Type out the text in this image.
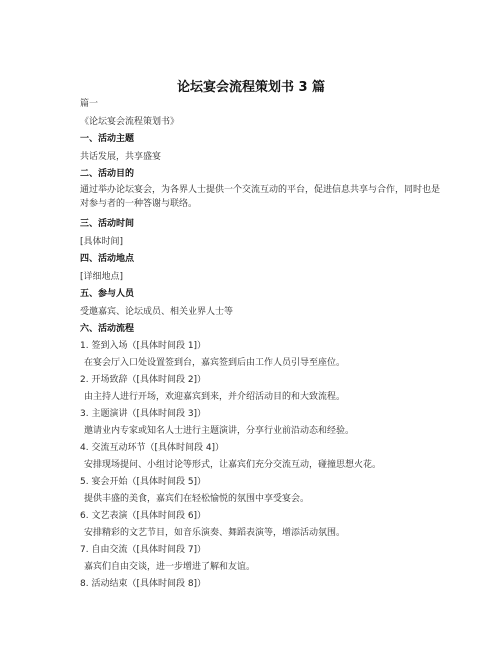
论坛宴会流程策划书 3 篇
篇一
《论坛宴会流程策划书》
一、活动主题
共话发展，共享盛宴
二、活动目的
通过举办论坛宴会，为各界人士提供一个交流互动的平台，促进信息共享与合作，同时也是对参与者的一种答谢与联络。
三、活动时间
[具体时间]
四、活动地点
[详细地点]
五、参与人员
受邀嘉宾、论坛成员、相关业界人士等
六、活动流程
1. 签到入场（[具体时间段 1]）
在宴会厅入口处设置签到台，嘉宾签到后由工作人员引导至座位。
2. 开场致辞（[具体时间段 2]）
由主持人进行开场，欢迎嘉宾到来，并介绍活动目的和大致流程。
3. 主题演讲（[具体时间段 3]）
邀请业内专家或知名人士进行主题演讲，分享行业前沿动态和经验。
4. 交流互动环节（[具体时间段 4]）
安排现场提问、小组讨论等形式，让嘉宾们充分交流互动，碰撞思想火花。
5. 宴会开始（[具体时间段 5]）
提供丰盛的美食，嘉宾们在轻松愉悦的氛围中享受宴会。
6. 文艺表演（[具体时间段 6]）
安排精彩的文艺节目，如音乐演奏、舞蹈表演等，增添活动氛围。
7. 自由交流（[具体时间段 7]）
嘉宾们自由交谈，进一步增进了解和友谊。
8. 活动结束（[具体时间段 8]）
